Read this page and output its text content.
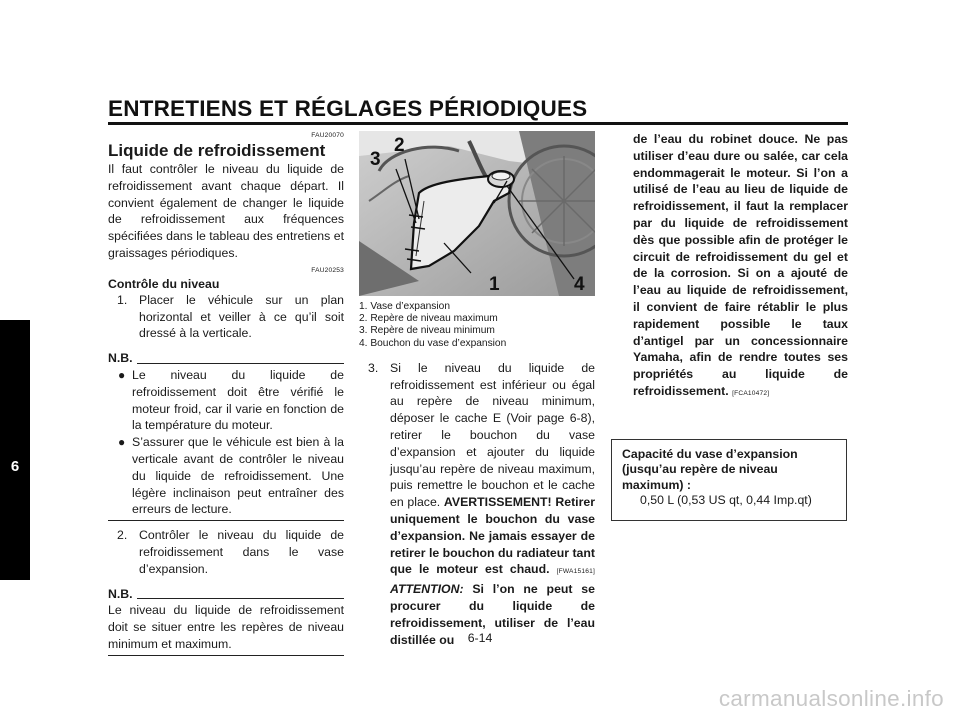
ENTRETIENS ET RÉGLAGES PÉRIODIQUES
6
FAU20070
Liquide de refroidissement

Il faut contrôler le niveau du liquide de refroidissement avant chaque départ. Il convient également de changer le liquide de refroidissement aux fréquences spécifiées dans le tableau des entretiens et graissages périodiques.

FAU20253
Contrôle du niveau
1. Placer le véhicule sur un plan horizontal et veiller à ce qu’il soit dressé à la verticale.
N.B.
● Le niveau du liquide de refroidissement doit être vérifié le moteur froid, car il varie en fonction de la température du moteur.
● S’assurer que le véhicule est bien à la verticale avant de contrôler le niveau du liquide de refroidissement. Une légère inclinaison peut entraîner des erreurs de lecture.
2. Contrôler le niveau du liquide de refroidissement dans le vase d’expansion.
N.B.

Le niveau du liquide de refroidissement doit se situer entre les repères de niveau minimum et maximum.

2
3
1	4
1. Vase d’expansion
2. Repère de niveau maximum
3. Repère de niveau minimum
4. Bouchon du vase d’expansion
3. Si le niveau du liquide de refroidissement est inférieur ou égal au repère de niveau minimum, déposer le cache E (Voir page 6-8), retirer le bouchon du vase d’expansion et ajouter du liquide jusqu’au repère de niveau maximum, puis remettre le bouchon et le cache en place. AVERTISSEMENT! Retirer uniquement le bouchon du vase d’expansion. Ne jamais essayer de retirer le bouchon du radiateur tant que le moteur est chaud. [FWA15161] ATTENTION: Si l’on ne peut se procurer du liquide de refroidissement, utiliser de l’eau distillée ou

de l’eau du robinet douce. Ne pas utiliser d’eau dure ou salée, car cela endommagerait le moteur. Si l’on a utilisé de l’eau au lieu de liquide de refroidissement, il faut la remplacer par du liquide de refroidissement dès que possible afin de protéger le circuit de refroidissement du gel et de la corrosion. Si on a ajouté de l’eau au liquide de refroidissement, il convient de faire rétablir le plus rapidement possible le taux d’antigel par un concessionnaire Yamaha, afin de rendre toutes ses propriétés au liquide de refroidissement. [FCA10472]

Capacité du vase d’expansion (jusqu’au repère de niveau maximum) :
0,50 L (0,53 US qt, 0,44 Imp.qt)
6-14
carmanualsonline.info
